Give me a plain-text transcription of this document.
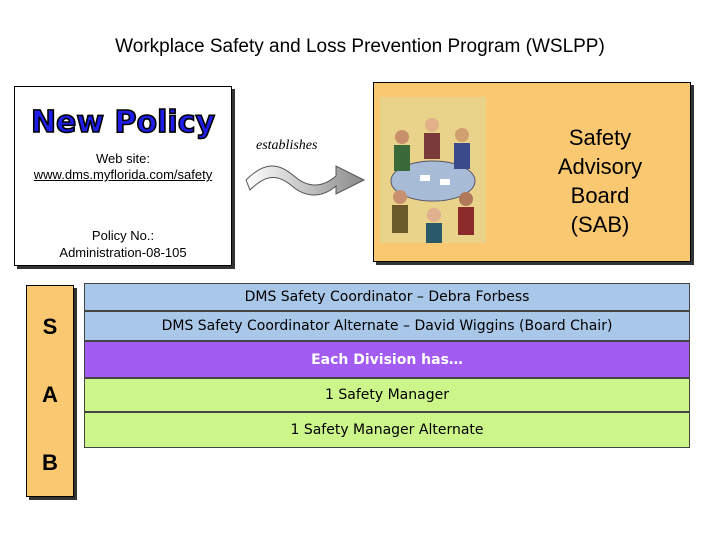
Workplace Safety and Loss Prevention Program (WSLPP)
New Policy
Web site:
www.dms.myflorida.com/safety
Policy No.:
Administration-08-105
establishes	Safety
Advisory
Board
(SAB)
S
A
B
DMS Safety Coordinator – Debra Forbess
DMS Safety Coordinator Alternate – David Wiggins (Board Chair)
Each Division has…
1 Safety Manager
1 Safety Manager Alternate
